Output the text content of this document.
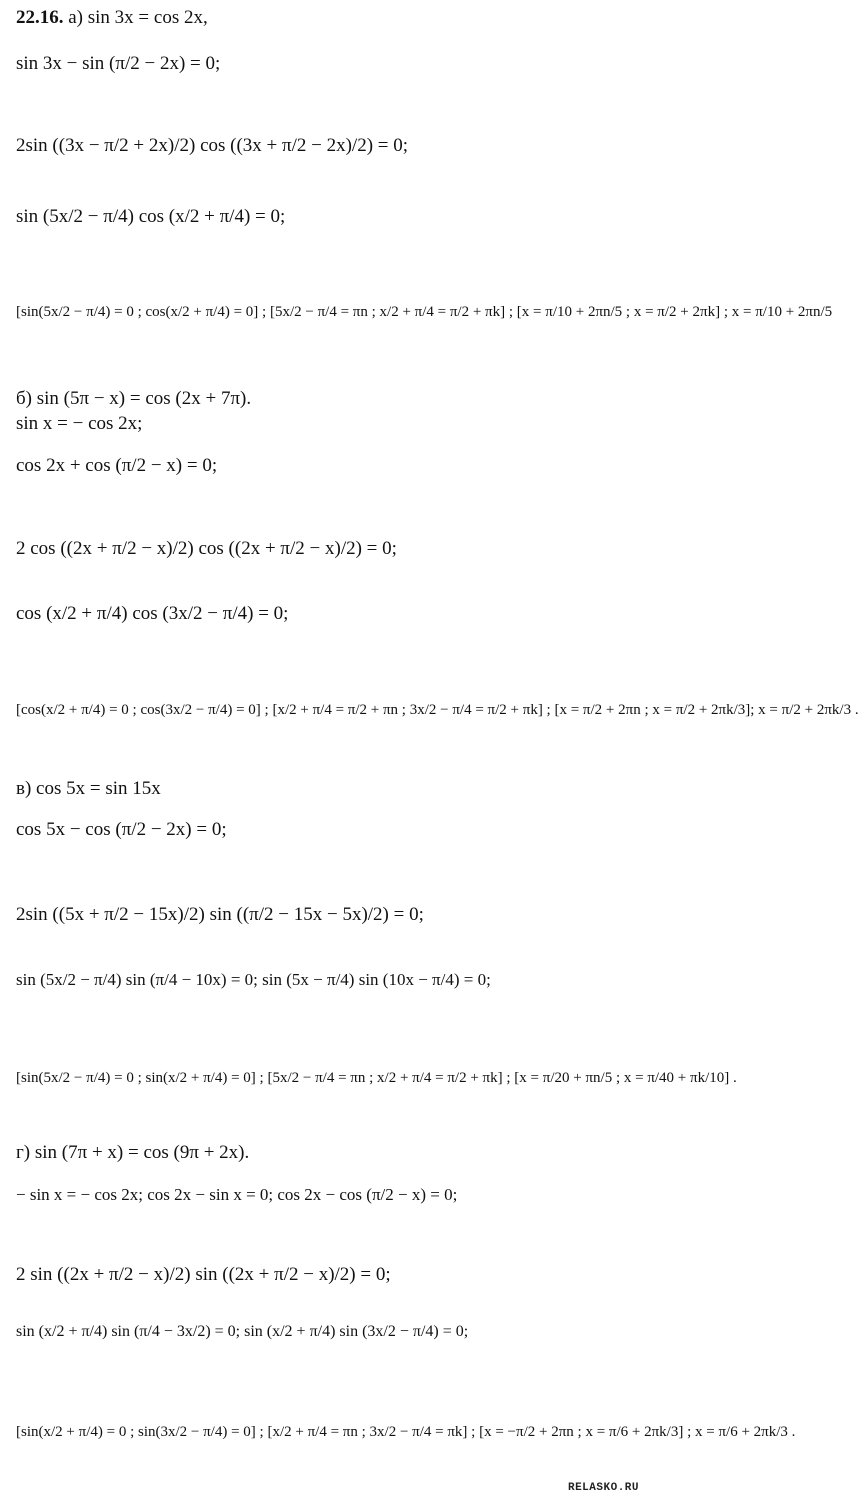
22.16. а) sin 3x = cos 2x,
sin 3x − sin (π/2 − 2x) = 0;
2sin ((3x − π/2 + 2x)/2) cos ((3x + π/2 − 2x)/2) = 0;
sin (5x/2 − π/4) cos (x/2 + π/4) = 0;
[sin(5x/2 − π/4) = 0 ; cos(x/2 + π/4) = 0] ; [5x/2 − π/4 = πn ; x/2 + π/4 = π/2 + πk] ; [x = π/10 + 2πn/5 ; x = π/2 + 2πk] ; x = π/10 + 2πn/5
б) sin (5π − x) = cos (2x + 7π).
sin x = − cos 2x;
cos 2x + cos (π/2 − x) = 0;
2 cos ((2x + π/2 − x)/2) cos ((2x + π/2 − x)/2) = 0;
cos (x/2 + π/4) cos (3x/2 − π/4) = 0;
[cos(x/2 + π/4) = 0 ; cos(3x/2 − π/4) = 0] ; [x/2 + π/4 = π/2 + πn ; 3x/2 − π/4 = π/2 + πk] ; [x = π/2 + 2πn ; x = π/2 + 2πk/3]; x = π/2 + 2πk/3 .
в) cos 5x = sin 15x
cos 5x − cos (π/2 − 2x) = 0;
2sin ((5x + π/2 − 15x)/2) sin ((π/2 − 15x − 5x)/2) = 0;
sin (5x/2 − π/4) sin (π/4 − 10x) = 0; sin (5x − π/4) sin (10x − π/4) = 0;
[sin(5x/2 − π/4) = 0 ; sin(x/2 + π/4) = 0] ; [5x/2 − π/4 = πn ; x/2 + π/4 = π/2 + πk] ; [x = π/20 + πn/5 ; x = π/40 + πk/10] .
г) sin (7π + x) = cos (9π + 2x).
− sin x = − cos 2x; cos 2x − sin x = 0; cos 2x − cos (π/2 − x) = 0;
2 sin ((2x + π/2 − x)/2) sin ((2x + π/2 − x)/2) = 0;
sin (x/2 + π/4) sin (π/4 − 3x/2) = 0; sin (x/2 + π/4) sin (3x/2 − π/4) = 0;
[sin(x/2 + π/4) = 0 ; sin(3x/2 − π/4) = 0] ; [x/2 + π/4 = πn ; 3x/2 − π/4 = πk] ; [x = −π/2 + 2πn ; x = π/6 + 2πk/3] ; x = π/6 + 2πk/3 .
RELASKO.RU
